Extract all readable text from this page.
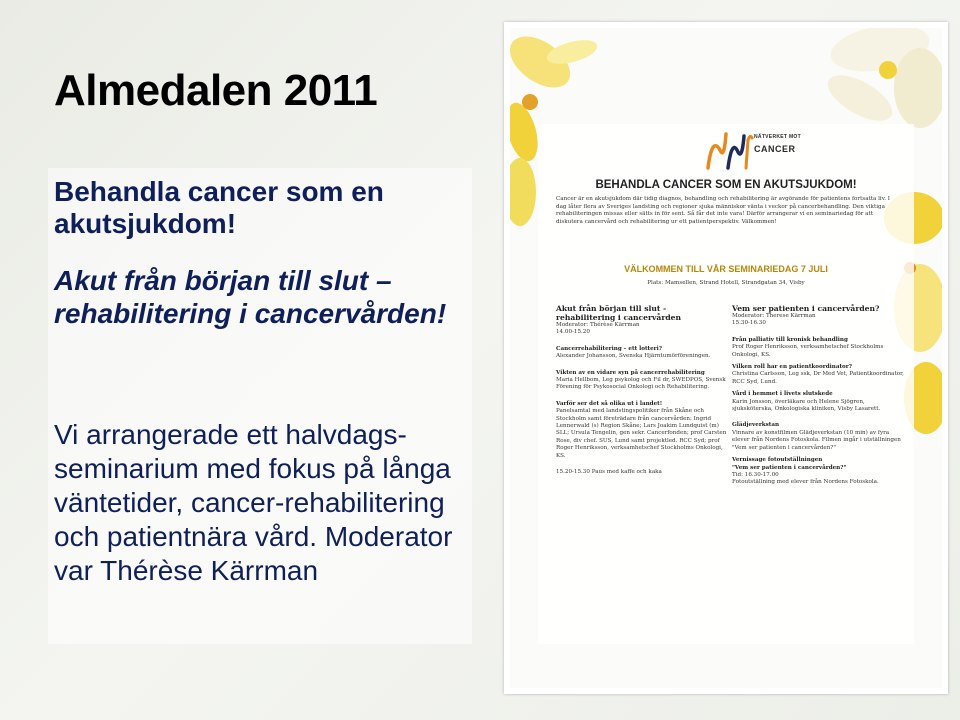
Almedalen 2011

Behandla cancer som en akutsjukdom!

Akut från början till slut – rehabilitering i cancervården!

Vi arrangerade ett halvdags-seminarium med fokus på långa väntetider, cancer-rehabilitering och patientnära vård. Moderator var Thérèse Kärrman

NÄTVERKET MOT
CANCER
BEHANDLA CANCER SOM EN AKUTSJUKDOM!
Cancer är en akutsjukdom där tidig diagnos, behandling och rehabilitering är avgörande för patientens fortsatta liv. I dag låter flera av Sveriges landsting och regioner sjuka människor vänta i veckor på cancerbehandling. Den viktiga rehabiliteringen missas eller sätts in för sent. Så får det inte vara! Därför arrangerar vi en seminariedag för att diskutera cancervård och rehabilitering ur ett patientperspektiv. Välkommen!
VÄLKOMMEN TILL VÅR SEMINARIEDAG 7 JULI
Plats: Mamsellen, Strand Hotell, Strandgatan 34, Visby

Akut från början till slut - rehabilitering i cancervården

Moderator: Thérèse Kärrman

14.00-15.20

Cancerrehabilitering – ett lotteri?

Alexander Johansson, Svenska Hjärntumörföreningen.

Vikten av en vidare syn på cancerrehabilitering

Maria Hellbom, Leg psykolog och Fil dr, SWEDPOS, Svensk Förening för Psykosocial Onkologi och Rehabilitering.

Varför ser det så olika ut i landet!

Panelsamtal med landstingspolitiker från Skåne och Stockholm samt företrädare från cancervården: Ingrid Lennerwald (s) Region Skåne; Lars Joakim Lundquist (m) SLL; Ursula Tengelin, gen sekr. Cancerfonden; prof Carsten Rose, div chef. SUS, Lund samt projektled. RCC Syd; prof Roger Henriksson, verksamhetschef Stockholms Onkologi, KS.

15.20-15.30 Paus med kaffe och kaka

Vem ser patienten i cancervården?

Moderator: Therese Kärrman

15.30-16.30

Från palliativ till kronisk behandling

Prof Roger Henriksson, verksamhetschef Stockholms Onkologi, KS.

Vilken roll har en patientkoordinator?

Christina Carlsson, Leg ssk, Dr Med Vet, Patientkoordinator, RCC Syd, Lund.

Vård i hemmet i livets slutskede

Karin Jonsson, överläkare och Helene Sjögren, sjuksköterska, Onkologiska kliniken, Visby Lasarett.

Glädjeverkstan

Vinnare av konstfilmen Glädjeverkstan (10 min) av fyra elever från Nordens Fotoskola. Filmen ingår i utställningen "Vem ser patienten i cancervården?"

Vernissage fotoutställningen

"Vem ser patienten i cancervården?"

Tid: 16.30-17.00

Fotoutställning med elever från Nordens Fotoskola.
